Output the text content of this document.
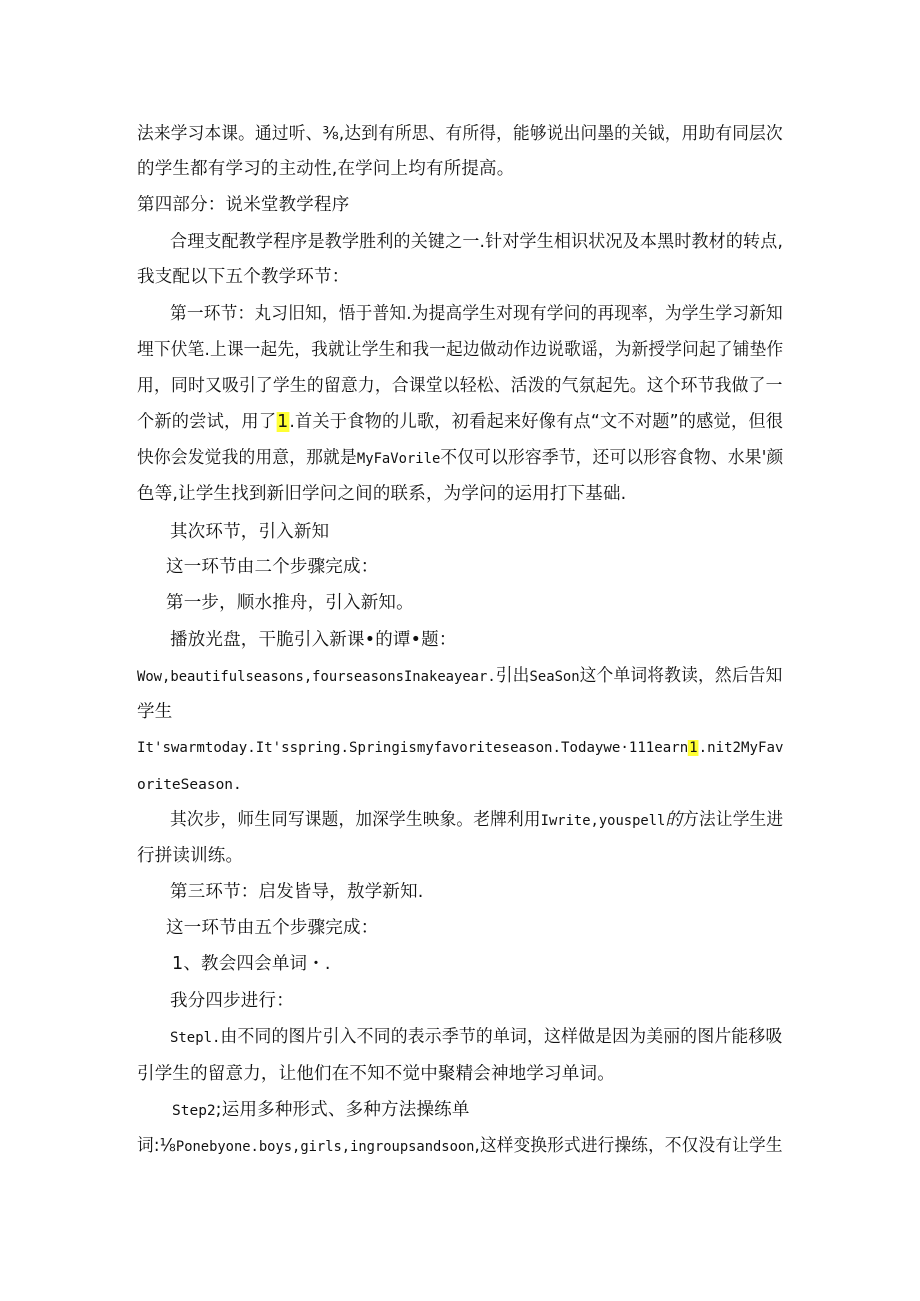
法来学习本课。通过听、⅜,达到有所思、有所得，能够说出问墨的关钺，用助有同层次
的学生都有学习的主动性,在学问上均有所提高。
第四部分：说米堂教学程序
合理支配教学程序是教学胜利的关键之一.针对学生相识状况及本黑时教材的转点,
我支配以下五个教学环节：
第一环节：丸习旧知，悟于普知.为提高学生对现有学问的再现率，为学生学习新知
埋下伏笔.上课一起先，我就让学生和我一起边做动作边说歌谣，为新授学问起了铺垫作
用，同时又吸引了学生的留意力，合课堂以轻松、活泼的气氛起先。这个环节我做了一
个新的尝试，用了1.首关于食物的儿歌，初看起来好像有点“文不对题”的感觉，但很
快你会发觉我的用意，那就是MyFaVorile不仅可以形容季节，还可以形容食物、水果'颜
色等,让学生找到新旧学问之间的联系，为学问的运用打下基础.
其次环节，引入新知
这一环节由二个步骤完成：
第一步，顺水推舟，引入新知。
播放光盘，干脆引入新课•的谭•题：
Wow,beautifulseasons,fourseasonsInakeayear.引出SeaSon这个单词将教读，然后告知
学生
It'swarmtoday.It'sspring.Springismyfavoriteseason.Todaywe·111earn1.nit2MyFav
oriteSeason.
其次步，师生同写课题，加深学生映象。老牌利用Iwrite,youspell的方法让学生进
行拼读训练。
第三环节：启发皆导，敖学新知.
这一环节由五个步骤完成：
1、教会四会单词・.
我分四步进行：
Stepl.由不同的图片引入不同的表示季节的单词，这样做是因为美丽的图片能移吸
引学生的留意力，让他们在不知不觉中聚精会神地学习单词。
Step2;运用多种形式、多种方法操练单
词:⅛Ponebyone.boys,girls,ingroupsandsoon,这样变换形式进行操练，不仅没有让学生
